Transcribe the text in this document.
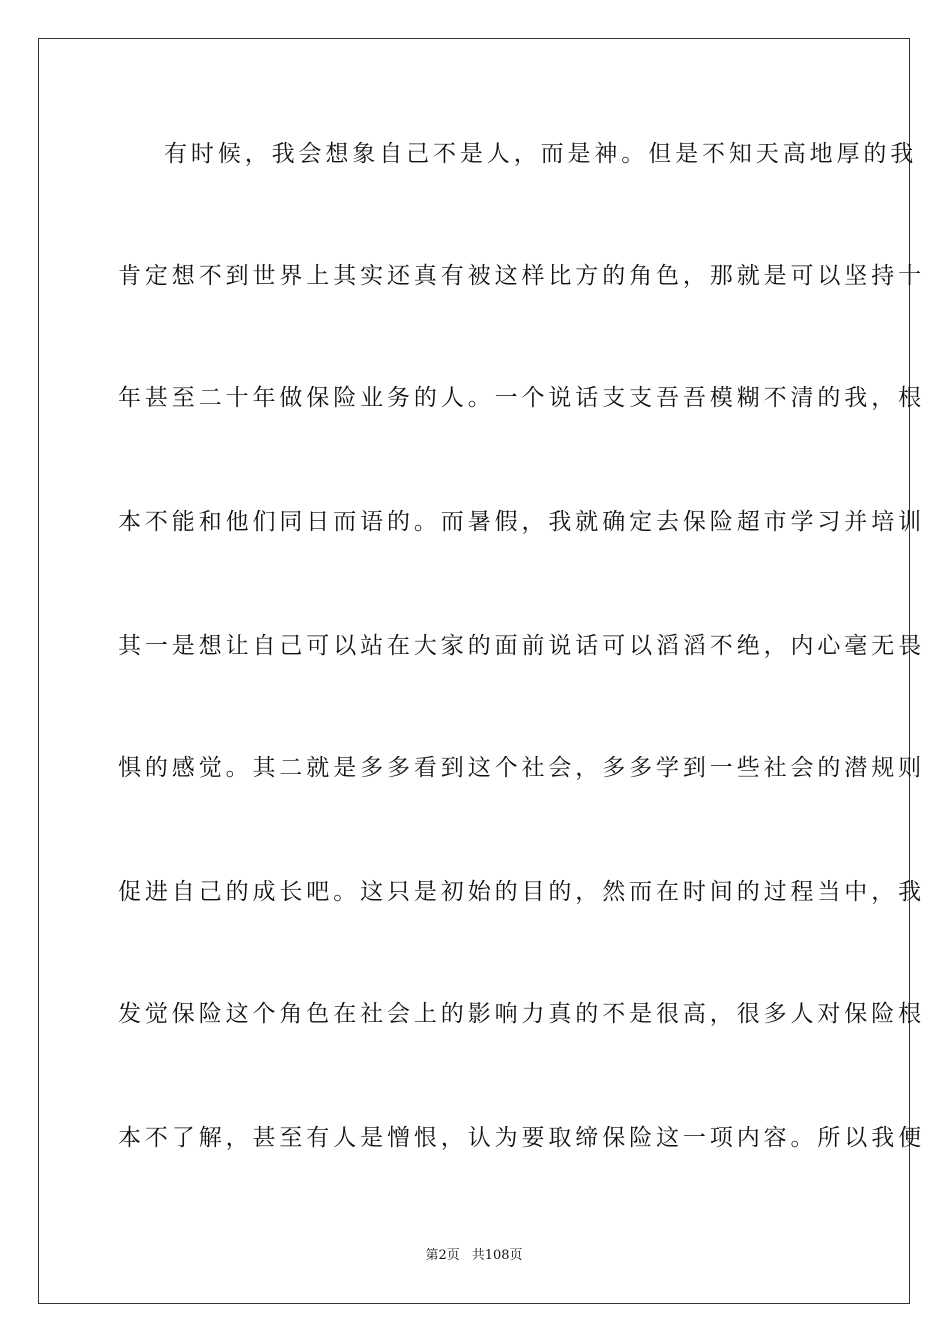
有时候，我会想象自己不是人，而是神。但是不知天高地厚的我
肯定想不到世界上其实还真有被这样比方的角色，那就是可以坚持十
年甚至二十年做保险业务的人。一个说话支支吾吾模糊不清的我，根
本不能和他们同日而语的。而暑假，我就确定去保险超市学习并培训
其一是想让自己可以站在大家的面前说话可以滔滔不绝，内心毫无畏
惧的感觉。其二就是多多看到这个社会，多多学到一些社会的潜规则
促进自己的成长吧。这只是初始的目的，然而在时间的过程当中，我
发觉保险这个角色在社会上的影响力真的不是很高，很多人对保险根
本不了解，甚至有人是憎恨，认为要取缔保险这一项内容。所以我便
第2页 共108页
